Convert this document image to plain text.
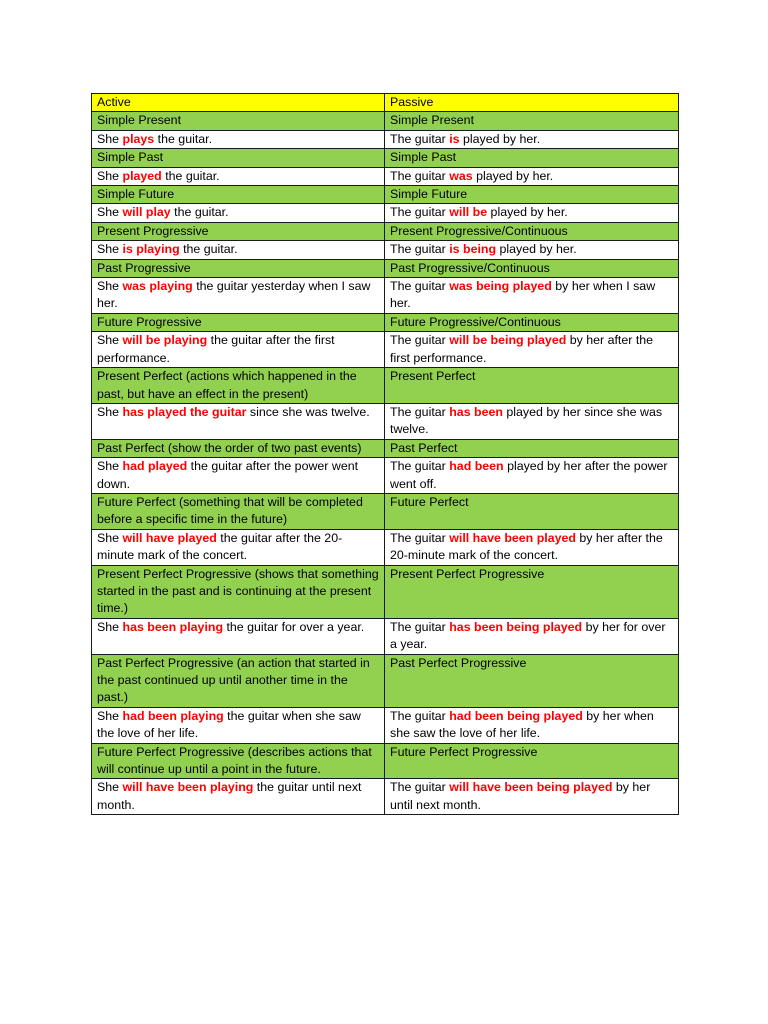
Active	Passive
Simple Present	Simple Present
She plays the guitar.	The guitar is played by her.
Simple Past	Simple Past
She played the guitar.	The guitar was played by her.
Simple Future	Simple Future
She will play the guitar.	The guitar will be played by her.
Present Progressive	Present Progressive/Continuous
She is playing the guitar.	The guitar is being played by her.
Past Progressive	Past Progressive/Continuous
She was playing the guitar yesterday when I saw her.	The guitar was being played by her when I saw her.
Future Progressive	Future Progressive/Continuous
She will be playing the guitar after the first performance.	The guitar will be being played by her after the first performance.
Present Perfect (actions which happened in the past, but have an effect in the present)	Present Perfect
She has played the guitar since she was twelve.	The guitar has been played by her since she was twelve.
Past Perfect (show the order of two past events)	Past Perfect
She had played the guitar after the power went down.	The guitar had been played by her after the power went off.
Future Perfect (something that will be completed before a specific time in the future)	Future Perfect
She will have played the guitar after the 20-minute mark of the concert.	The guitar will have been played by her after the 20-minute mark of the concert.
Present Perfect Progressive (shows that something started in the past and is continuing at the present time.)	Present Perfect Progressive
She has been playing the guitar for over a year.	The guitar has been being played by her for over a year.
Past Perfect Progressive (an action that started in the past continued up until another time in the past.)	Past Perfect Progressive
She had been playing the guitar when she saw the love of her life.	The guitar had been being played by her when she saw the love of her life.
Future Perfect Progressive (describes actions that will continue up until a point in the future.	Future Perfect Progressive
She will have been playing the guitar until next month.	The guitar will have been being played by her until next month.
